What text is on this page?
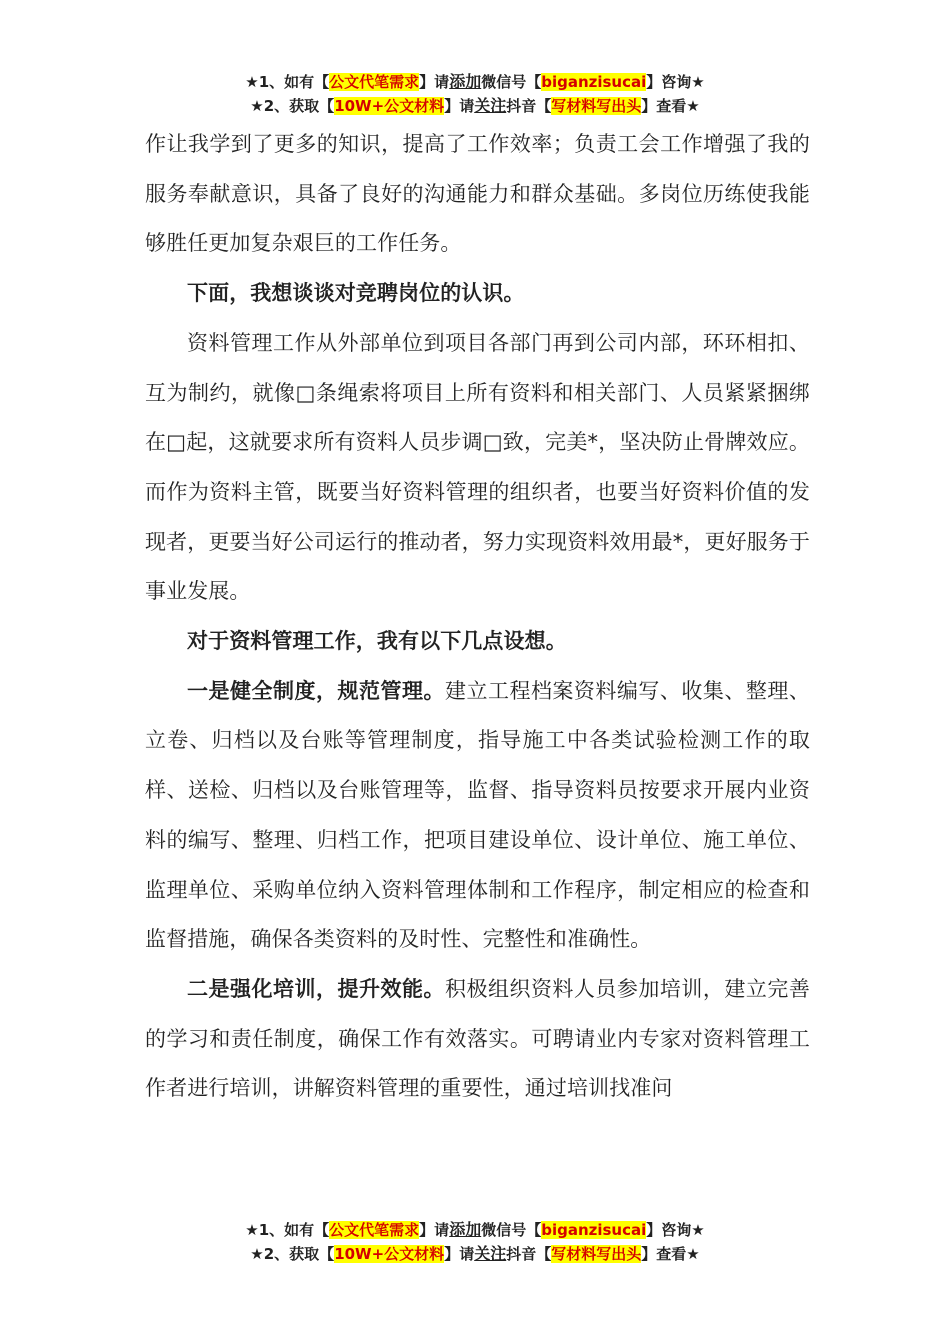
★1、如有【公文代笔需求】请添加微信号【biganzisucai】咨询★
★2、获取【10W+公文材料】请关注抖音【写材料写出头】查看★

作让我学到了更多的知识，提高了工作效率；负责工会工作增强了我的服务奉献意识，具备了良好的沟通能力和群众基础。多岗位历练使我能够胜任更加复杂艰巨的工作任务。

下面，我想谈谈对竞聘岗位的认识。

资料管理工作从外部单位到项目各部门再到公司内部，环环相扣、互为制约，就像□条绳索将项目上所有资料和相关部门、人员紧紧捆绑在□起，这就要求所有资料人员步调□致，完美*，坚决防止骨牌效应。而作为资料主管，既要当好资料管理的组织者，也要当好资料价值的发现者，更要当好公司运行的推动者，努力实现资料效用最*，更好服务于事业发展。

对于资料管理工作，我有以下几点设想。

一是健全制度，规范管理。建立工程档案资料编写、收集、整理、立卷、归档以及台账等管理制度，指导施工中各类试验检测工作的取样、送检、归档以及台账管理等，监督、指导资料员按要求开展内业资料的编写、整理、归档工作，把项目建设单位、设计单位、施工单位、监理单位、采购单位纳入资料管理体制和工作程序，制定相应的检查和监督措施，确保各类资料的及时性、完整性和准确性。

二是强化培训，提升效能。积极组织资料人员参加培训，建立完善的学习和责任制度，确保工作有效落实。可聘请业内专家对资料管理工作者进行培训，讲解资料管理的重要性，通过培训找准问

★1、如有【公文代笔需求】请添加微信号【biganzisucai】咨询★
★2、获取【10W+公文材料】请关注抖音【写材料写出头】查看★
